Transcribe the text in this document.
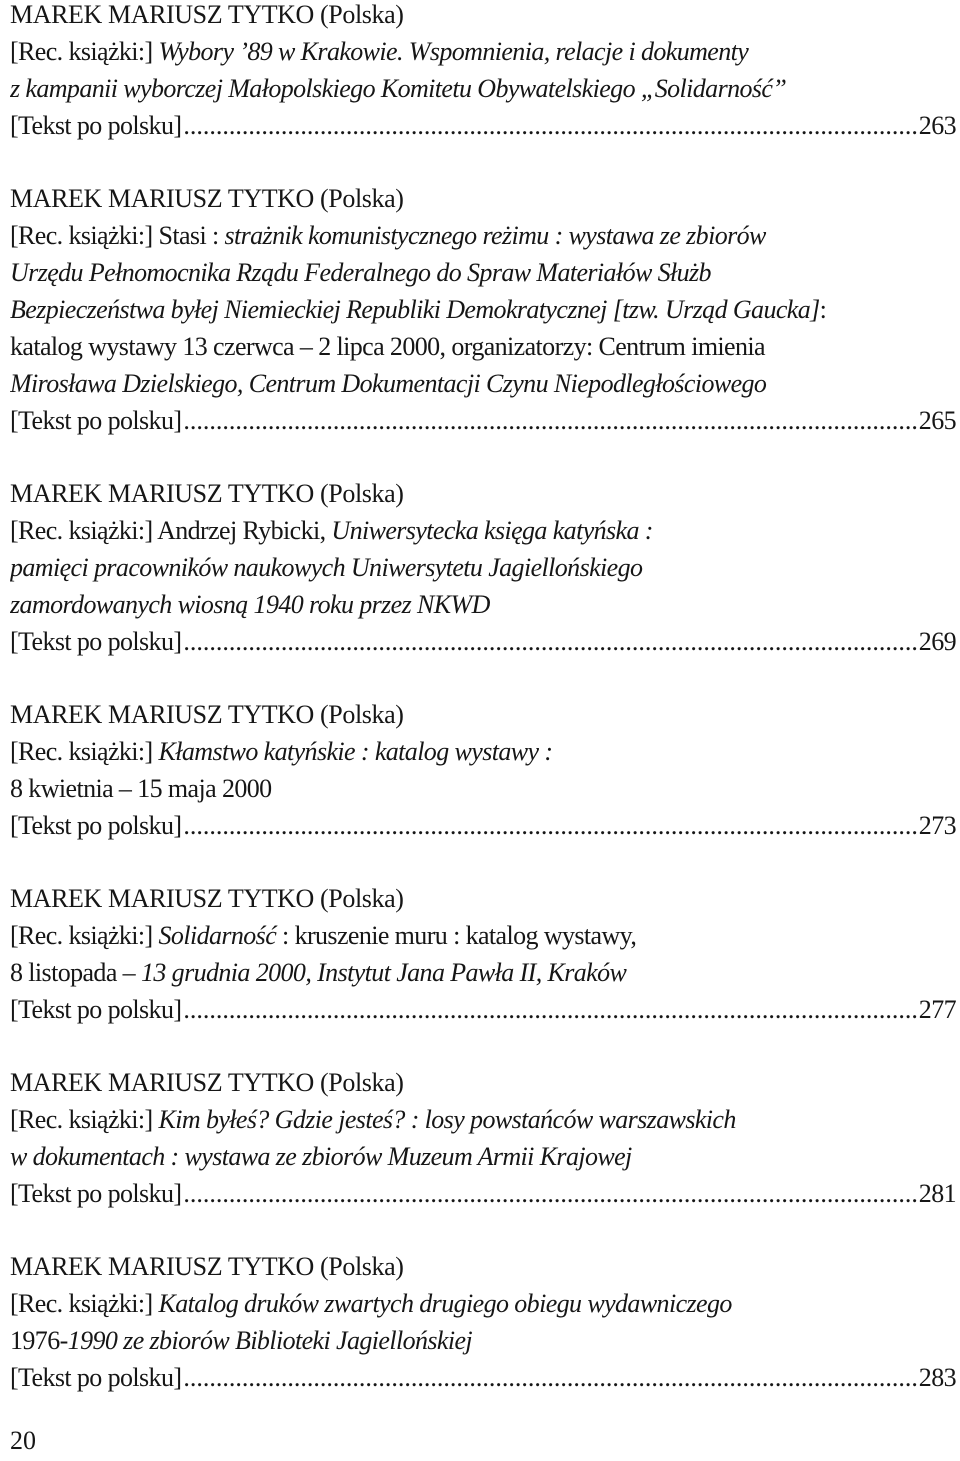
MAREK MARIUSZ TYTKO (Polska)
[Rec. książki:] Wybory ’89 w Krakowie. Wspomnienia, relacje i dokumenty
z kampanii wyborczej Małopolskiego Komitetu Obywatelskiego „Solidarność”
[Tekst po polsku] .....	263
MAREK MARIUSZ TYTKO (Polska)
[Rec. książki:] Stasi : strażnik komunistycznego reżimu : wystawa ze zbiorów
Urzędu Pełnomocnika Rządu Federalnego do Spraw Materiałów Służb
Bezpieczeństwa byłej Niemieckiej Republiki Demokratycznej [tzw. Urząd Gaucka]:
katalog wystawy 13 czerwca – 2 lipca 2000, organizatorzy: Centrum imienia
Mirosława Dzielskiego, Centrum Dokumentacji Czynu Niepodległościowego
[Tekst po polsku] .....	265
MAREK MARIUSZ TYTKO (Polska)
[Rec. książki:] Andrzej Rybicki, Uniwersytecka księga katyńska :
pamięci pracowników naukowych Uniwersytetu Jagiellońskiego
zamordowanych wiosną 1940 roku przez NKWD
[Tekst po polsku] .....	269
MAREK MARIUSZ TYTKO (Polska)
[Rec. książki:] Kłamstwo katyńskie : katalog wystawy :
8 kwietnia – 15 maja 2000
[Tekst po polsku] .....	273
MAREK MARIUSZ TYTKO (Polska)
[Rec. książki:] Solidarność : kruszenie muru : katalog wystawy,
8 listopada – 13 grudnia 2000, Instytut Jana Pawła II, Kraków
[Tekst po polsku] .....	277
MAREK MARIUSZ TYTKO (Polska)
[Rec. książki:] Kim byłeś? Gdzie jesteś? : losy powstańców warszawskich
w dokumentach : wystawa ze zbiorów Muzeum Armii Krajowej
[Tekst po polsku] .....	281
MAREK MARIUSZ TYTKO (Polska)
[Rec. książki:] Katalog druków zwartych drugiego obiegu wydawniczego
1976-1990 ze zbiorów Biblioteki Jagiellońskiej
[Tekst po polsku] .....	283
20
